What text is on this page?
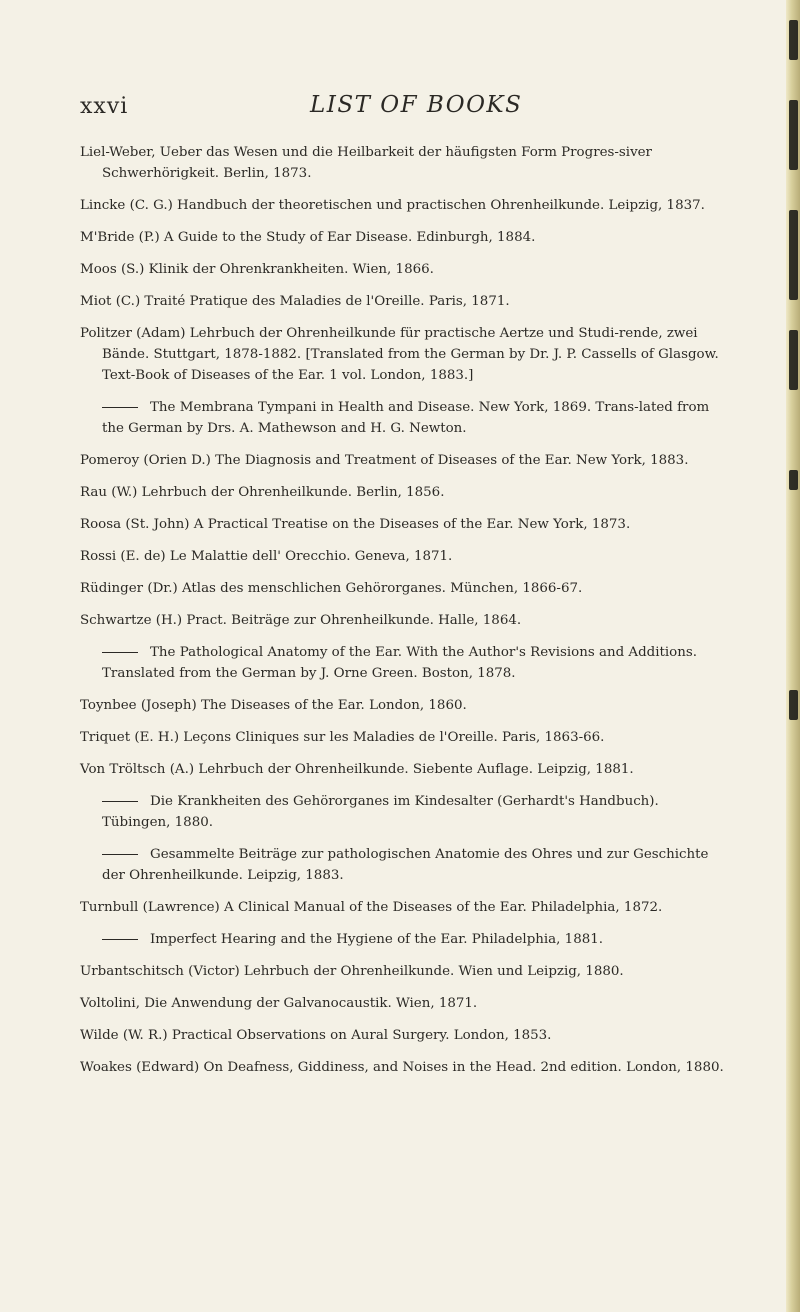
xxvi	LIST OF BOOKS
Liel-Weber, Ueber das Wesen und die Heilbarkeit der häufigsten Form Progres-siver Schwerhörigkeit. Berlin, 1873.
Lincke (C. G.) Handbuch der theoretischen und practischen Ohrenheilkunde. Leipzig, 1837.
M'Bride (P.) A Guide to the Study of Ear Disease. Edinburgh, 1884.
Moos (S.) Klinik der Ohrenkrankheiten. Wien, 1866.
Miot (C.) Traité Pratique des Maladies de l'Oreille. Paris, 1871.
Politzer (Adam) Lehrbuch der Ohrenheilkunde für practische Aertze und Studi-rende, zwei Bände. Stuttgart, 1878-1882. [Translated from the German by Dr. J. P. Cassells of Glasgow. Text-Book of Diseases of the Ear. 1 vol. London, 1883.]
The Membrana Tympani in Health and Disease. New York, 1869. Trans-lated from the German by Drs. A. Mathewson and H. G. Newton.
Pomeroy (Orien D.) The Diagnosis and Treatment of Diseases of the Ear. New York, 1883.
Rau (W.) Lehrbuch der Ohrenheilkunde. Berlin, 1856.
Roosa (St. John) A Practical Treatise on the Diseases of the Ear. New York, 1873.
Rossi (E. de) Le Malattie dell' Orecchio. Geneva, 1871.
Rüdinger (Dr.) Atlas des menschlichen Gehörorganes. München, 1866-67.
Schwartze (H.) Pract. Beiträge zur Ohrenheilkunde. Halle, 1864.
The Pathological Anatomy of the Ear. With the Author's Revisions and Additions. Translated from the German by J. Orne Green. Boston, 1878.
Toynbee (Joseph) The Diseases of the Ear. London, 1860.
Triquet (E. H.) Leçons Cliniques sur les Maladies de l'Oreille. Paris, 1863-66.
Von Tröltsch (A.) Lehrbuch der Ohrenheilkunde. Siebente Auflage. Leipzig, 1881.
Die Krankheiten des Gehörorganes im Kindesalter (Gerhardt's Handbuch). Tübingen, 1880.
Gesammelte Beiträge zur pathologischen Anatomie des Ohres und zur Geschichte der Ohrenheilkunde. Leipzig, 1883.
Turnbull (Lawrence) A Clinical Manual of the Diseases of the Ear. Philadelphia, 1872.
Imperfect Hearing and the Hygiene of the Ear. Philadelphia, 1881.
Urbantschitsch (Victor) Lehrbuch der Ohrenheilkunde. Wien und Leipzig, 1880.
Voltolini, Die Anwendung der Galvanocaustik. Wien, 1871.
Wilde (W. R.) Practical Observations on Aural Surgery. London, 1853.
Woakes (Edward) On Deafness, Giddiness, and Noises in the Head. 2nd edition. London, 1880.
